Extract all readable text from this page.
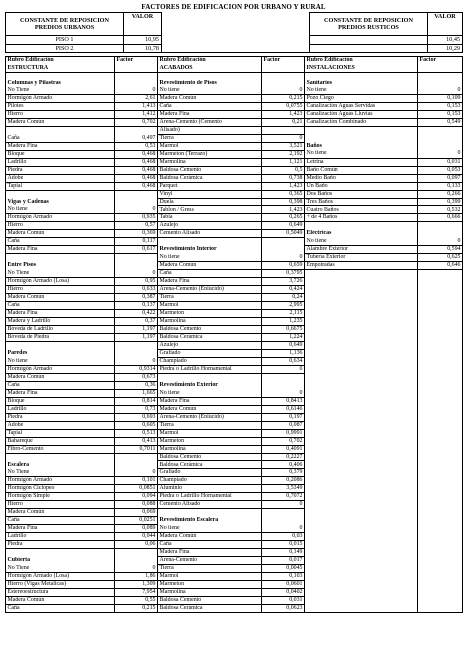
FACTORES DE EDIFICACION POR URBANO Y RURAL
CONSTANTE DE REPOSICION PREDIOS URBANOS	VALOR		CONSTANTE DE REPOSICION PREDIOS RUSTICOS	VALOR
PISO 1	10,95			10,45
PISO 2	10,78			10,29
Rubro Edificación
ESTRUCTURA	Factor	Rubro Edificación
ACABADOS	Factor	Rubro Edificación
INSTALACIONES	Factor

Columnas y Pilastras		Revestimiento de Pisos		Sanitarios	
No Tiene	0	No tiene	0	No tiene	0
Hormigón Armado	2,61	Madera Común	0,215	Pozo Ciego	0,109
Pilotes	1,413	Caña	0,0755	Canalización Aguas Servidas	0,153
Hierro	1,412	Madera Fina	1,423	Canalización Aguas Lluvias	0,153
Madera Común	0,702	Arena-Cemento (Cemento	0,21	Canalización Combinado	0,549
		Alisado)			
Caña	0,497	Tierra	0		
Madera Fina	0,53	Marmol	3,521	Baños	
Bloque	0,468	Marmeton (Terrazo)	2,192	No tiene	0
Ladrillo	0,468	Marmolina	1,121	Letrina	0,031
Piedra	0,468	Baldosa Cemento	0,5	Baño Común	0,053
Adobe	0,468	Baldosa Cerámica	0,738	Medio Baño	0,097
Tapial	0,468	Parquet	1,423	Un Baño	0,133
		Vinyl	0,365	Dos Baños	0,266
Vigas y Cadenas		Duela	0,398	Tres Baños	0,399
No tiene	0	Tablon / Gress	1,423	Cuatro Baños	0,532
Hormigón Armado	0,935	Tabla	0,265	+ de 4 Baños	0,666
Hierro	0,57	Azulejo	0,649		
Madera Común	0,369	Cemento Alisado	0,5049	Eléctricas	
Caña	0,117			No tiene	0
Madera Fina	0,617	Revestimiento Interior		Alambre Exterior	0,594
		No tiene	0	Tubería Exterior	0,625
Entre Pisos		Madera Común	0,659	Empotradas	0,646
No Tiene	0	Caña	0,3795		
Hormigón Armado (Losa)	0,95	Madera Fina	3,726		
Hierro	0,633	Arena-Cemento (Enlucido)	0,424		
Madera Común	0,387	Tierra	0,24		
Caña	0,137	Marmol	2,995		
Madera Fina	0,422	Marmeton	2,115		
Madera y Ladrillo	0,37	Marmolina	1,235		
Bóveda de Ladrillo	1,197	Baldosa Cemento	0,6675		
Bóveda de Piedra	1,197	Baldosa Cerámica	1,224		
		Azulejo	0,649		
Paredes		Grafiado	1,136		
No tiene	0	Champiado	0,634		
Hormigón Armado	0,9314	Piedra o Ladrillo Hornamental	0		
Madera Común	0,673				
Caña	0,36	Revestimiento Exterior			
Madera Fina	1,665	No tiene	0		
Bloque	0,814	Madera Fina	0,8413		
Ladrillo	0,73	Madera Común	0,6146		
Piedra	0,693	Arena-Cemento (Enlucido)	0,197		
Adobe	0,605	Tierra	0,087		
Tapial	0,513	Marmol	0,9991		
Bahareque	0,413	Marmeton	0,702		
Fibro-Cemento	0,7011	Marmolina	0,4091		
		Baldosa Cemento	0,2227		
Escalera		Baldosa Cerámica	0,406		
No Tiene	0	Grafiado	0,379		
Hormigón Armado	0,101	Champiado	0,2086		
Hormigón Ciclopeo	0,0851	Aluminio	3,5349		
Hormigón Simple	0,094	Piedra o Ladrillo Hornamental	0,7072		
Hierro	0,088	Cemento Alisado	0		
Madera Común	0,069				
Caña	0,0251	Revestimiento Escalera			
Madera Fina	0,089	No tiene	0		
Ladrillo	0,044	Madera Común	0,03		
Piedra	0,06	Caña	0,015		
		Madera Fina	0,149		
Cubierta		Arena-Cemento	0,017		
No Tiene	0	Tierra	0,0045		
Hormigón Armado (Losa)	1,86	Marmol	0,103		
Hierro (Vigas Metalicas)	1,309	Marmeton	0,0601		
Estereoestructura	7,954	Marmolina	0,0402		
Madera Común	0,55	Baldosa Cemento	0,031		
Caña	0,215	Baldosa Cerámica	0,0623		
